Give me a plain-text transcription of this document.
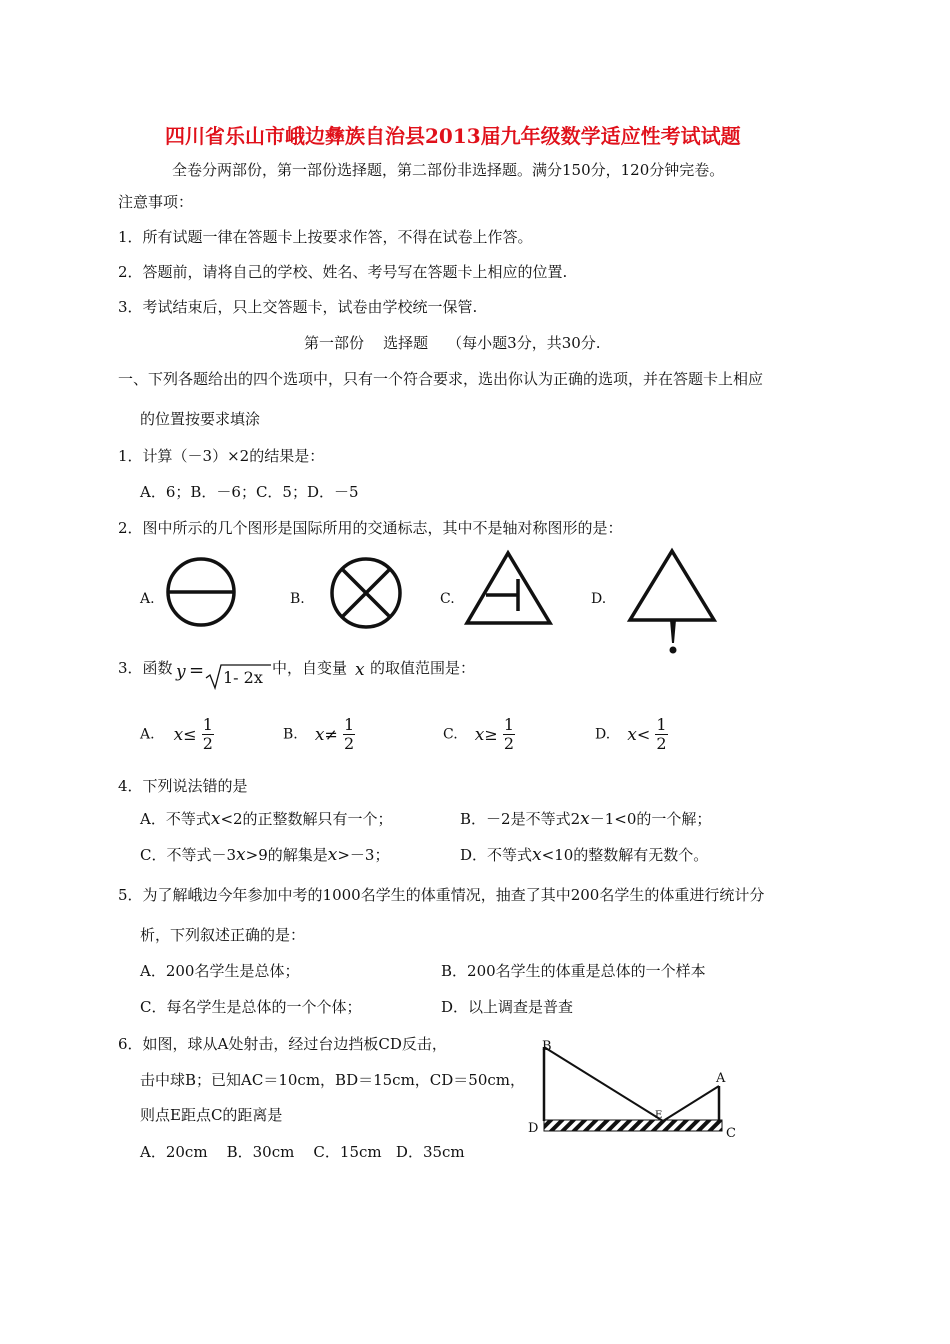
四川省乐山市峨边彝族自治县2013届九年级数学适应性考试试题
全卷分两部份，第一部份选择题，第二部份非选择题。满分150分，120分钟完卷。
注意事项：
1．所有试题一律在答题卡上按要求作答，不得在试卷上作答。
2．答题前，请将自己的学校、姓名、考号写在答题卡上相应的位置.
3．考试结束后，只上交答题卡，试卷由学校统一保管.
第一部份    选择题    （每小题3分，共30分.
一、下列各题给出的四个选项中，只有一个符合要求，选出你认为正确的选项，并在答题卡上相应
的位置按要求填涂
1．计算（－3）×2的结果是：
A．6；B．－6；C．5；D．－5
2．图中所示的几个图形是国际所用的交通标志，其中不是轴对称图形的是：
A.	B.	C.	D.
3．函数 y = 1- 2x 中，自变量 x 的取值范围是：
A. $x\le \frac{1}{2}$	B. $x\ne \frac{1}{2}$	C. $x\ge \frac{1}{2}$	D. $x< \frac{1}{2}$
4．下列说法错的是
A．不等式x<2的正整数解只有一个；	B．－2是不等式2x－1<0的一个解；
C．不等式－3x>9的解集是x>－3；	D．不等式x<10的整数解有无数个。
5．为了解峨边今年参加中考的1000名学生的体重情况，抽查了其中200名学生的体重进行统计分
析，下列叙述正确的是：
A．200名学生是总体；	B．200名学生的体重是总体的一个样本
C．每名学生是总体的一个个体；	D．以上调查是普查
6．如图，球从A处射击，经过台边挡板CD反击，
击中球B；已知AC＝10cm，BD＝15cm，CD＝50cm，
则点E距点C的距离是
A．20cm    B．30cm    C．15cm   D．35cm
B
A
D	C
E
